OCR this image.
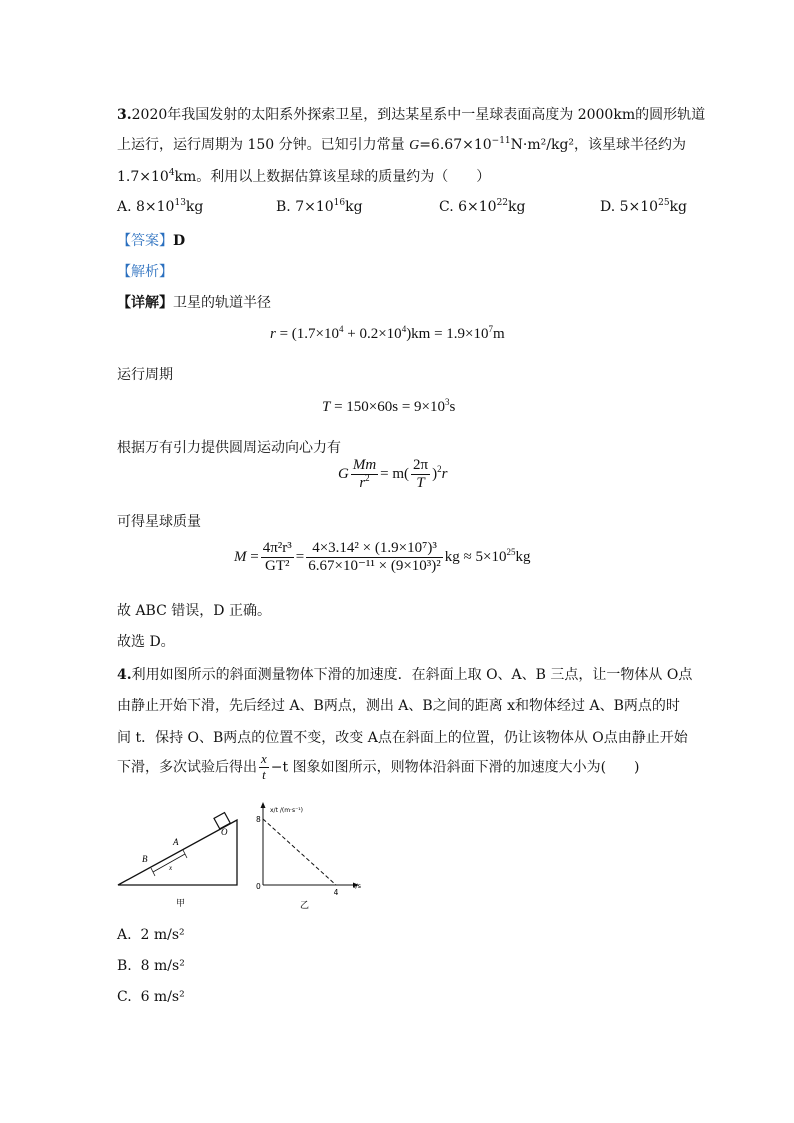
3.2020年我国发射的太阳系外探索卫星，到达某星系中一星球表面高度为 2000km的圆形轨道
上运行，运行周期为 150 分钟。已知引力常量 $G=6.67\times 10^{-11}N\cdot m^2$/kg²，该星球半径约为
$1.7\times 10^4km$。利用以上数据估算该星球的质量约为（　　）
A. $8\times 10^{13}kg$	B. $7\times 10^{16}kg$	C. $6\times 10^{22}kg$	D. $5\times 10^{25}kg$
【答案】D
【解析】
【详解】卫星的轨道半径
$r = (1.7\times 10^4 + 0.2\times 10^4)km = 1.9\times 10^7m$
运行周期
$T = 150\times 60s = 9\times 10^3s$
根据万有引力提供圆周运动向心力有
G $\frac{Mm}{r^2} = m( \frac{2\pi}{T} )^2r$
可得星球质量
$M = \frac{\text{4π²r³}}{\text{GT²}} = \frac{\text{4×3.14² × (1.9×10⁷)³}}{\text{6.67×10⁻¹¹ × (9×10³)²}}$ kg ≈ $5\times 10^{25}kg$
故 ABC 错误，D 正确。
故选 D。
4.利用如图所示的斜面测量物体下滑的加速度．在斜面上取 O、A、B 三点，让一物体从 O点
由静止开始下滑，先后经过 A、B两点，测出 A、B之间的距离 x和物体经过 A、B两点的时
间 t．保持 O、B两点的位置不变，改变 A点在斜面上的位置，仍让该物体从 O点由静止开始
下滑，多次试验后得出 $\frac{x}{t} -t$ 图象如图所示，则物体沿斜面下滑的加速度大小为(　　)
O
A
B
x
甲
x/t /(m·s⁻¹)
t/s
8
4
0
乙
A. 2 m/s²
B. 8 m/s²
C. 6 m/s²
